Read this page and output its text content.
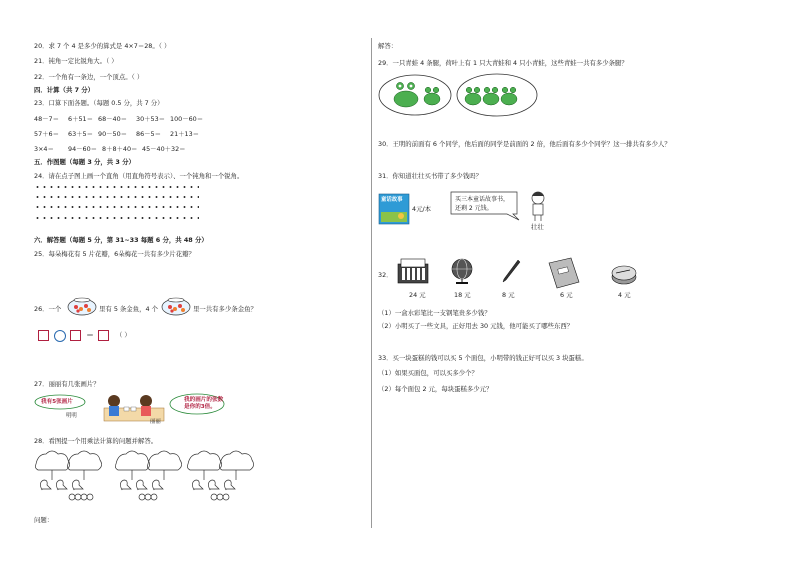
20．求 7 个 4 是多少的算式是 4×7＝28。（ ）
21．钝角一定比锐角大。（ ）
22．一个角有一条边，一个顶点。（ ）
四．计算（共 7 分）
23．口算下面各题。（每题 0.5 分，共 7 分）
48－7＝ 6＋51＝ 68－40＝ 30＋53＝ 100－60＝
57＋6＝ 63＋5＝ 90－50＝ 86－5＝ 21＋13＝
3×4＝ 94－60＝ 8＋8＋40＝ 45－40＋32＝
五．作图题（每题 3 分，共 3 分）
24．请在点子图上画一个直角（用直角符号表示）、一个钝角和一个锐角。
六．解答题（每题 5 分，第 31~33 每题 6 分，共 48 分）
25．每朵梅花有 5 片花瓣，6朵梅花一共有多少片花瓣？
26．一个	里有 5 条金鱼，4 个	里一共有多少条金鱼？
＝	（ ）
27．丽丽有几张画片？
我有5张画片	我的画片的张数是你的3倍。
明明
丽丽
28．看图提一个用乘法计算的问题并解答。
问题：
解答：
29．一只青蛙 4 条腿，荷叶上有 1 只大青蛙和 4 只小青蛙，这些青蛙一共有多少条腿？
30．王明的前面有 6 个同学，他后面的同学是前面的 2 倍，他后面有多少个同学？这一排共有多少人？
31．你知道壮壮买书带了多少钱吗？
童话故事
4元/本
买三本童话故事书，还剩 2 元钱。
壮壮
32．
24 元	18 元	8 元	6 元	4 元
（1）一盒水彩笔比一支钢笔贵多少钱？
（2）小明买了一些文具，正好用去 30 元钱，他可能买了哪些东西？
33．买一块蛋糕的钱可以买 5 个面包，小明带的钱正好可以买 3 块蛋糕。
（1）如果买面包，可以买多少个？
（2）每个面包 2 元，每块蛋糕多少元？
